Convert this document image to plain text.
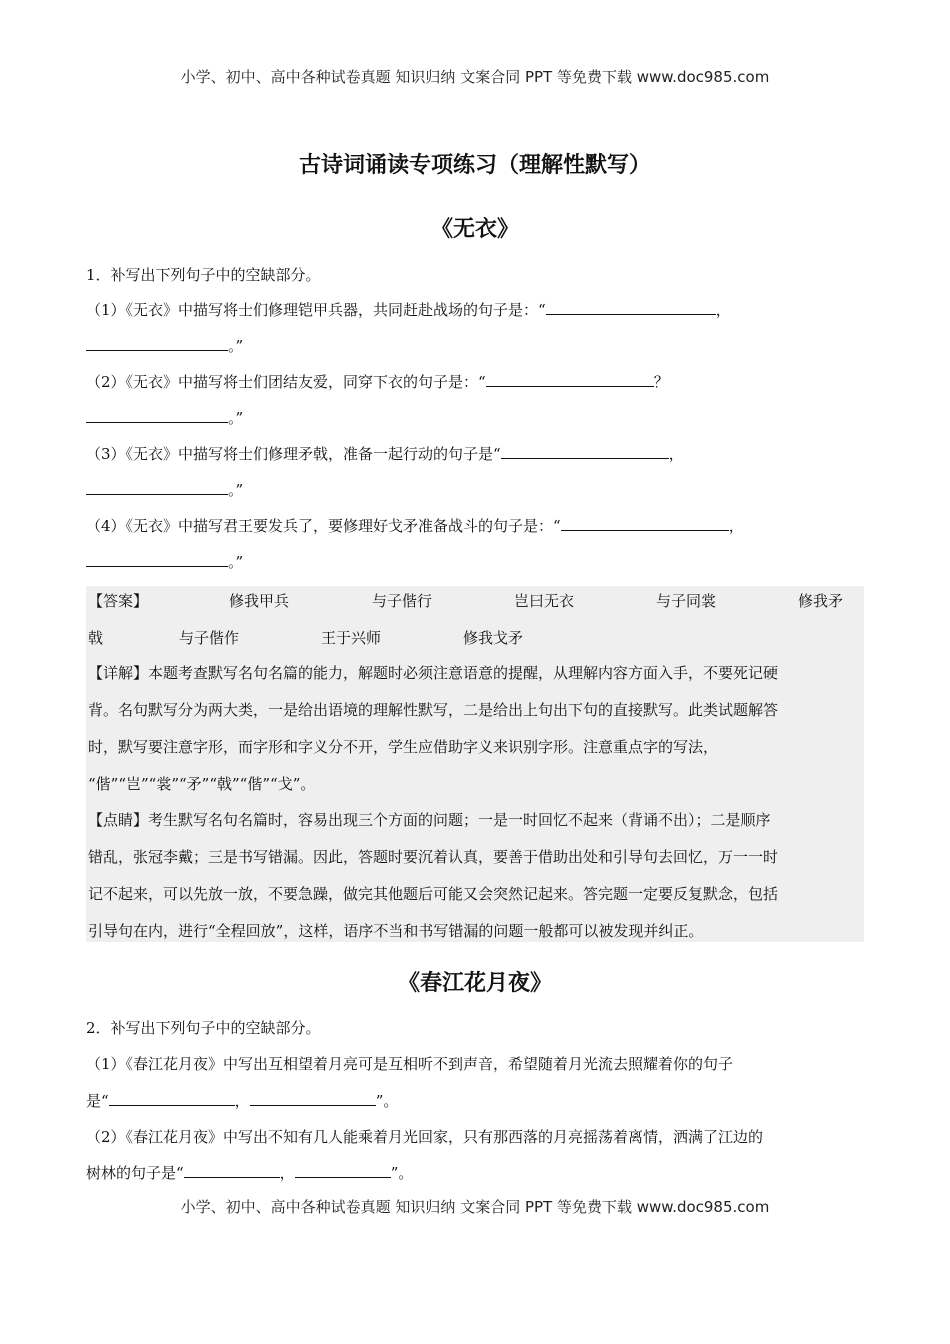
小学、初中、高中各种试卷真题 知识归纳 文案合同 PPT 等免费下载 www.doc985.com
古诗词诵读专项练习（理解性默写）
《无衣》
1．补写出下列句子中的空缺部分。
（1）《无衣》中描写将士们修理铠甲兵器，共同赶赴战场的句子是：“	，
。”
（2）《无衣》中描写将士们团结友爱，同穿下衣的句子是：“	？
。”
（3）《无衣》中描写将士们修理矛戟，准备一起行动的句子是“	，
。”
（4）《无衣》中描写君王要发兵了，要修理好戈矛准备战斗的句子是：“	，
。”
【答案】	修我甲兵	与子偕行	岂曰无衣	与子同裳	修我矛
戟	与子偕作	王于兴师	修我戈矛
【详解】本题考查默写名句名篇的能力，解题时必须注意语意的提醒，从理解内容方面入手，不要死记硬
背。名句默写分为两大类，一是给出语境的理解性默写，二是给出上句出下句的直接默写。此类试题解答
时，默写要注意字形，而字形和字义分不开，学生应借助字义来识别字形。注意重点字的写法，
“偕”“岂”“裳”“矛”“戟”“偕”“戈”。
【点睛】考生默写名句名篇时，容易出现三个方面的问题；一是一时回忆不起来（背诵不出）；二是顺序
错乱，张冠李戴；三是书写错漏。因此，答题时要沉着认真，要善于借助出处和引导句去回忆，万一一时
记不起来，可以先放一放，不要急躁，做完其他题后可能又会突然记起来。答完题一定要反复默念，包括
引导句在内，进行“全程回放”，这样，语序不当和书写错漏的问题一般都可以被发现并纠正。
《春江花月夜》
2．补写出下列句子中的空缺部分。
（1）《春江花月夜》中写出互相望着月亮可是互相听不到声音，希望随着月光流去照耀着你的句子
是“	，	”。
（2）《春江花月夜》中写出不知有几人能乘着月光回家，只有那西落的月亮摇荡着离情，洒满了江边的
树林的句子是“	，	”。
小学、初中、高中各种试卷真题 知识归纳 文案合同 PPT 等免费下载 www.doc985.com
